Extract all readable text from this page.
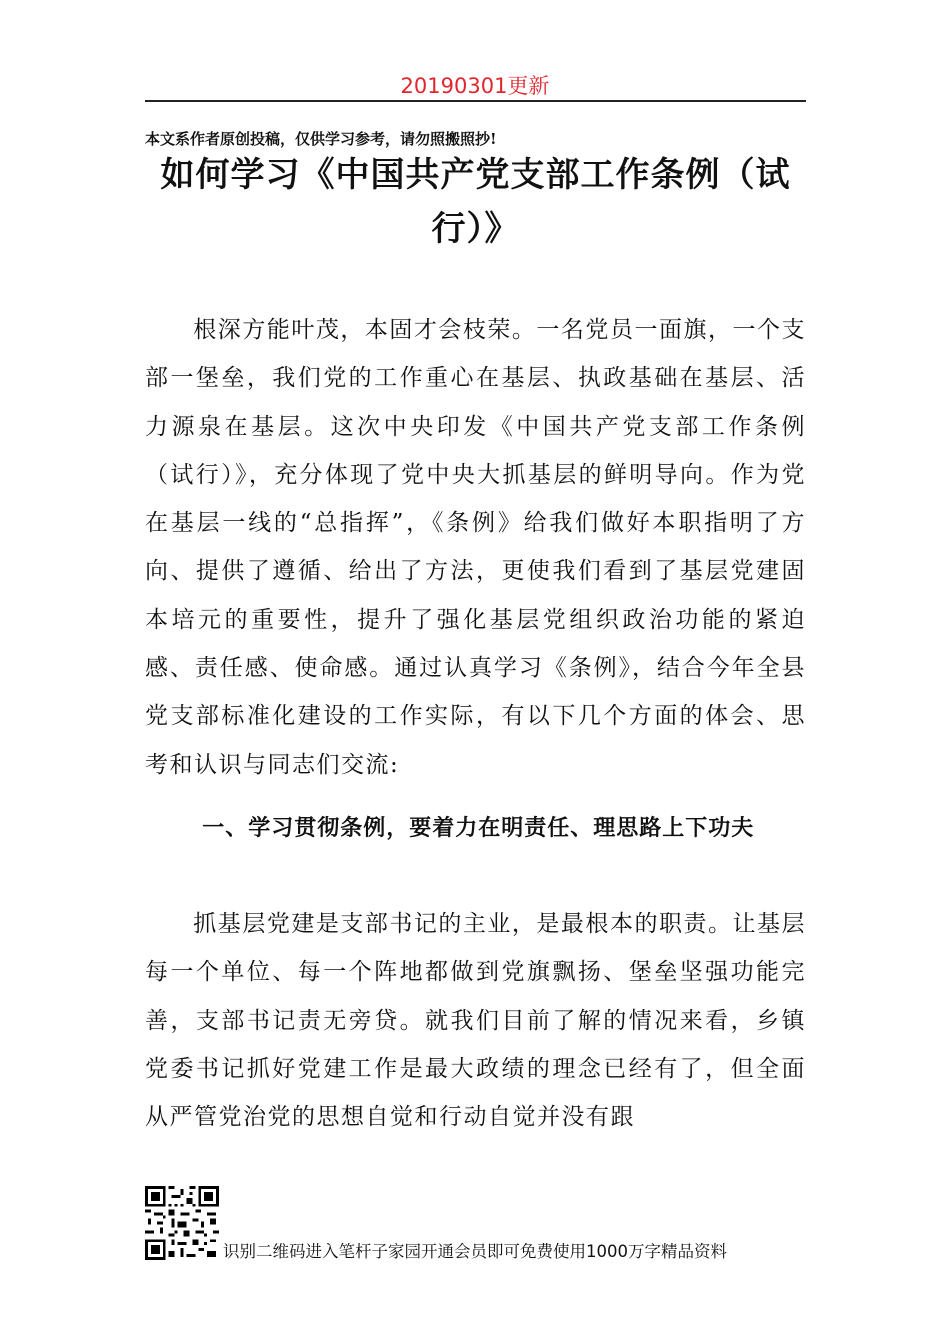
20190301更新
本文系作者原创投稿，仅供学习参考，请勿照搬照抄!
如何学习《中国共产党支部工作条例（试行）》

根深方能叶茂，本固才会枝荣。一名党员一面旗，一个支部一堡垒，我们党的工作重心在基层、执政基础在基层、活力源泉在基层。这次中央印发《中国共产党支部工作条例（试行）》，充分体现了党中央大抓基层的鲜明导向。作为党在基层一线的“总指挥”，《条例》给我们做好本职指明了方向、提供了遵循、给出了方法，更使我们看到了基层党建固本培元的重要性，提升了强化基层党组织政治功能的紧迫感、责任感、使命感。通过认真学习《条例》，结合今年全县党支部标准化建设的工作实际，有以下几个方面的体会、思考和认识与同志们交流:

一、学习贯彻条例，要着力在明责任、理思路上下功夫

抓基层党建是支部书记的主业，是最根本的职责。让基层每一个单位、每一个阵地都做到党旗飘扬、堡垒坚强功能完善，支部书记责无旁贷。就我们目前了解的情况来看，乡镇党委书记抓好党建工作是最大政绩的理念已经有了，但全面从严管党治党的思想自觉和行动自觉并没有跟

识别二维码进入笔杆子家园开通会员即可免费使用1000万字精品资料
